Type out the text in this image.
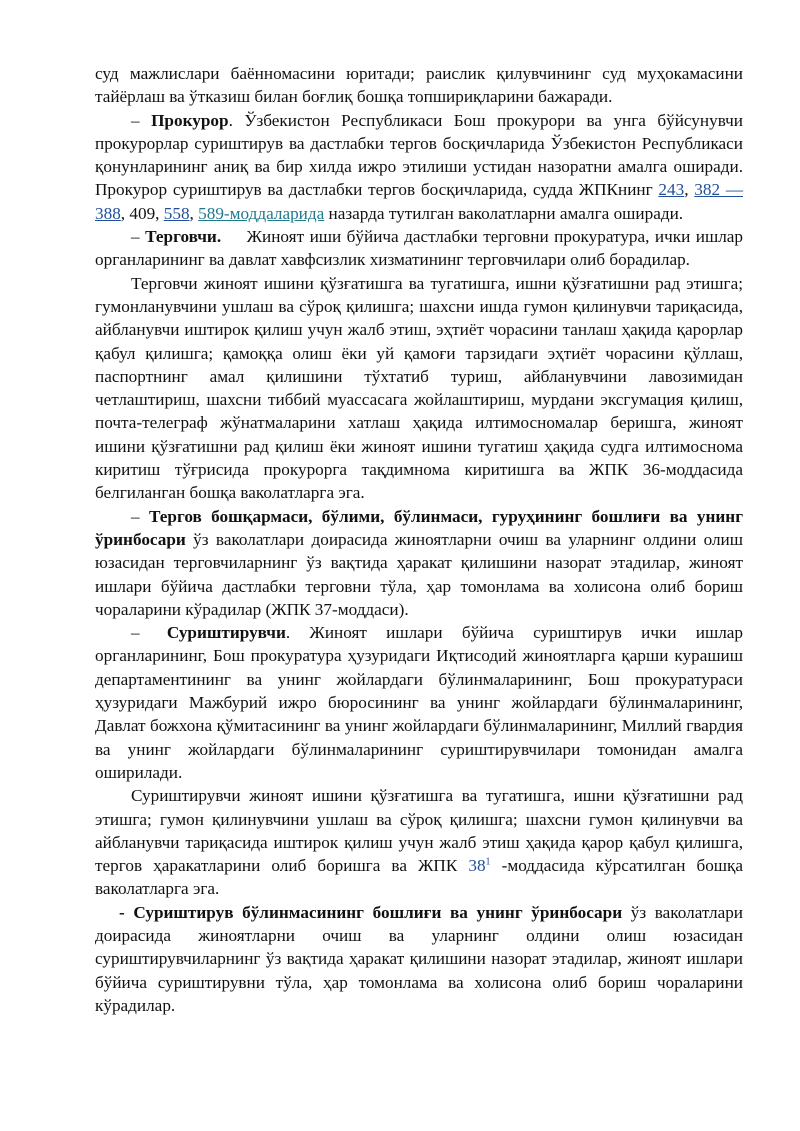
суд мажлислари баённомасини юритади; раислик қилувчининг суд муҳокамасини тайёрлаш ва ўтказиш билан боғлиқ бошқа топшириқларини бажаради.

– Прокурор. Ўзбекистон Республикаси Бош прокурори ва унга бўйсунувчи прокурорлар суриштирув ва дастлабки тергов босқичларида Ўзбекистон Республикаси қонунларининг аниқ ва бир хилда ижро этилиши устидан назоратни амалга оширади. Прокурор суриштирув ва дастлабки тергов босқичларида, судда ЖПКнинг 243, 382 — 388, 409, 558, 589-моддаларида назарда тутилган ваколатларни амалга оширади.

– Терговчи. Жиноят иши бўйича дастлабки терговни прокуратура, ички ишлар органларининг ва давлат хавфсизлик хизматининг терговчилари олиб борадилар.

Терговчи жиноят ишини қўзғатишга ва тугатишга, ишни қўзғатишни рад этишга; гумонланувчини ушлаш ва сўроқ қилишга; шахсни ишда гумон қилинувчи тариқасида, айбланувчи иштирок қилиш учун жалб этиш, эҳтиёт чорасини танлаш ҳақида қарорлар қабул қилишга; қамоққа олиш ёки уй қамоғи тарзидаги эҳтиёт чорасини қўллаш, паспортнинг амал қилишини тўхтатиб туриш, айбланувчини лавозимидан четлаштириш, шахсни тиббий муассасага жойлаштириш, мурдани эксгумация қилиш, почта-телеграф жўнатмаларини хатлаш ҳақида илтимосномалар беришга, жиноят ишини қўзғатишни рад қилиш ёки жиноят ишини тугатиш ҳақида судга илтимоснома киритиш тўғрисида прокурорга тақдимнома киритишга ва ЖПК 36-моддасида белгиланган бошқа ваколатларга эга.

– Тергов бошқармаси, бўлими, бўлинмаси, гуруҳининг бошлиғи ва унинг ўринбосари ўз ваколатлари доирасида жиноятларни очиш ва уларнинг олдини олиш юзасидан терговчиларнинг ўз вақтида ҳаракат қилишини назорат этадилар, жиноят ишлари бўйича дастлабки терговни тўла, ҳар томонлама ва холисона олиб бориш чораларини кўрадилар (ЖПК 37-моддаси).

– Суриштирувчи. Жиноят ишлари бўйича суриштирув ички ишлар органларининг, Бош прокуратура ҳузуридаги Иқтисодий жиноятларга қарши курашиш департаментининг ва унинг жойлардаги бўлинмаларининг, Бош прокуратураси ҳузуридаги Мажбурий ижро бюросининг ва унинг жойлардаги бўлинмаларининг, Давлат божхона қўмитасининг ва унинг жойлардаги бўлинмаларининг, Миллий гвардия ва унинг жойлардаги бўлинмаларининг суриштирувчилари томонидан амалга оширилади.

Суриштирувчи жиноят ишини қўзғатишга ва тугатишга, ишни қўзғатишни рад этишга; гумон қилинувчини ушлаш ва сўроқ қилишга; шахсни гумон қилинувчи ва айбланувчи тариқасида иштирок қилиш учун жалб этиш ҳақида қарор қабул қилишга, тергов ҳаракатларини олиб боришга ва ЖПК $38^1$ -моддасида кўрсатилган бошқа ваколатларга эга.

- Суриштирув бўлинмасининг бошлиғи ва унинг ўринбосари ўз ваколатлари доирасида жиноятларни очиш ва уларнинг олдини олиш юзасидан суриштирувчиларнинг ўз вақтида ҳаракат қилишини назорат этадилар, жиноят ишлари бўйича суриштирувни тўла, ҳар томонлама ва холисона олиб бориш чораларини кўрадилар.
